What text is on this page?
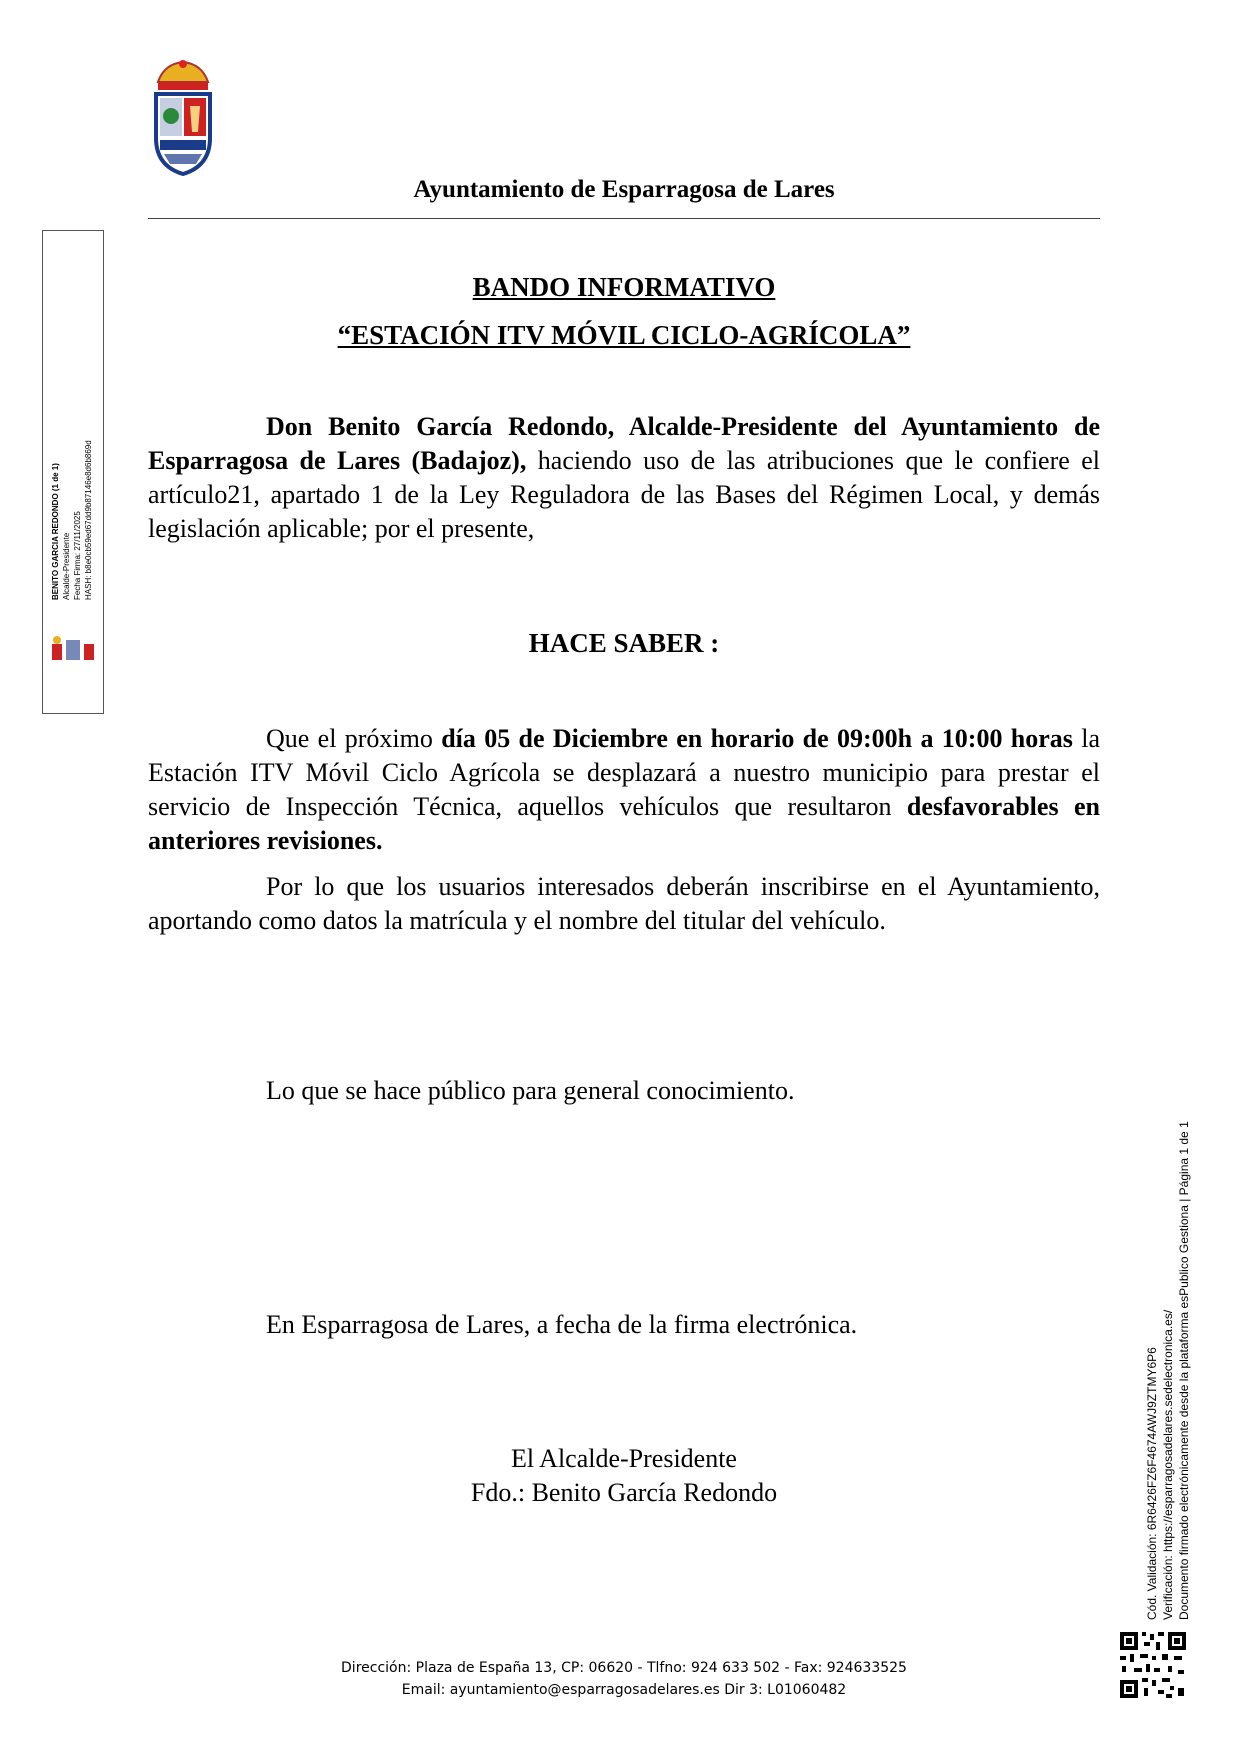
Ayuntamiento de Esparragosa de Lares
BANDO INFORMATIVO
“ESTACIÓN ITV MÓVIL CICLO-AGRÍCOLA”
Don Benito García Redondo, Alcalde-Presidente del Ayuntamiento de Esparragosa de Lares (Badajoz), haciendo uso de las atribuciones que le confiere el artículo21, apartado 1 de la Ley Reguladora de las Bases del Régimen Local, y demás legislación aplicable; por el presente,
HACE SABER :
Que el próximo día 05 de Diciembre en horario de 09:00h a 10:00 horas la Estación ITV Móvil Ciclo Agrícola se desplazará a nuestro municipio para prestar el servicio de Inspección Técnica, aquellos vehículos que resultaron desfavorables en anteriores revisiones.
Por lo que los usuarios interesados deberán inscribirse en el Ayuntamiento, aportando como datos la matrícula y el nombre del titular del vehículo.
Lo que se hace público para general conocimiento.
En Esparragosa de Lares, a fecha de la firma electrónica.
El Alcalde-Presidente
Fdo.: Benito García Redondo
Dirección: Plaza de España 13, CP: 06620 - Tlfno: 924 633 502 - Fax: 924633525
Email: ayuntamiento@esparragosadelares.es Dir 3: L01060482
BENITO GARCIA REDONDO (1 de 1) Alcalde-Presidente Fecha Firma: 27/11/2025 HASH: b8e0cb59ed67dd9b87146e8d6b869d
Cód. Validación: 6R6426FZ6F4674AWJ9ZTMY6P6 Verificación: https://esparragosadelares.sedelectronica.es/ Documento firmado electrónicamente desde la plataforma esPublico Gestiona | Página 1 de 1
